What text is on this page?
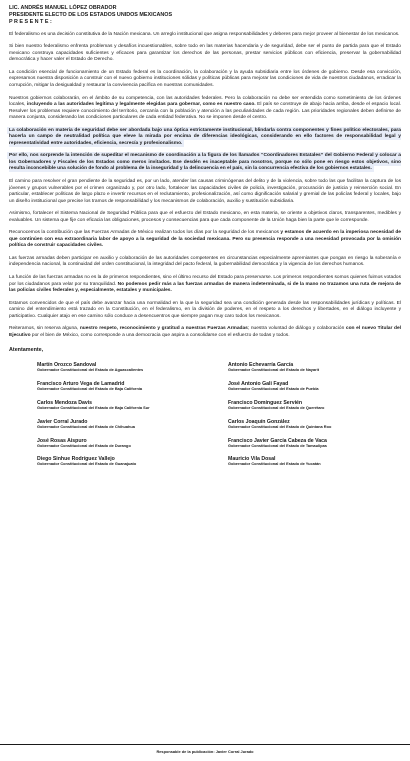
LIC. ANDRÉS MANUEL LÓPEZ OBRADOR
PRESIDENTE ELECTO DE LOS ESTADOS UNIDOS MEXICANOS
P R E S E N T E :
El federalismo es una decisión constitutiva de la Nación mexicana. Un arreglo institucional que asigna responsabilidades y deberes para mejor proveer al bienestar de los mexicanos.
Si bien nuestro federalismo enfrenta problemas y desafíos incuestionables, sobre todo en las materias hacendaria y de seguridad, debe ser el punto de partida para que el Estado mexicano construya capacidades suficientes y eficaces para garantizar los derechos de las personas, prestar servicios públicos con eficiencia, preservar la gobernabilidad democrática y hacer valer el Estado de Derecho.
La condición esencial de funcionamiento de un Estado federal es la coordinación, la colaboración y la ayuda subsidiaria entre los órdenes de gobierno. Desde esa convicción, expresamos nuestra disposición a construir con el nuevo gobierno instituciones sólidas y políticas públicas para mejorar las condiciones de vida de nuestros ciudadanos, erradicar la corrupción, mitigar la desigualdad y restaurar la convivencia pacífica en nuestras comunidades.
Nuestros gobiernos colaborarán, en el ámbito de su competencia, con las autoridades federales. Pero la colaboración no debe ser entendida como sometimiento de los órdenes locales, incluyendo a las autoridades legítima y legalmente elegidas para gobernar, como es nuestro caso. El país se construye de abajo hacia arriba, desde el espacio local. Resolver los problemas requiere conocimiento del territorio, cercanía con la población y atención a las peculiaridades de cada región. Las prioridades regionales deben definirse de manera conjunta, considerando las condiciones particulares de cada entidad federativa. No se imponen desde el centro.
La colaboración en materia de seguridad debe ser abordada bajo una óptica estrictamente institucional, blindarla contra componentes y fines político electorales, para hacerla un campo de neutralidad política que eleve la mirada por encima de diferencias ideológicas, considerando en ello factores de responsabilidad legal y representatividad entre autoridades, eficiencia, secrecía y profesionalismo.
Por ello, nos sorprende la intención de supeditar el mecanismo de coordinación a la figura de los llamados “Coordinadores Estatales” del Gobierno Federal y colocar a los Gobernadores y Fiscales de los Estados como meros invitados. Ese desdén es inaceptable para nosotros, porque no sólo pone en riesgo estos objetivos, sino resulta inconcebible una solución de fondo al problema de la inseguridad y la delincuencia en el país, sin la concurrencia efectiva de los gobiernos estatales.
El camino para resolver el gran pendiente de la seguridad es, por un lado, atender las causas criminógenas del delito y de la violencia, sobre todo las que facilitan la captura de los jóvenes y grupos vulnerables por el crimen organizado y, por otro lado, fortalecer las capacidades civiles de policía, investigación, procuración de justicia y reinserción social. En particular, establecer políticas de largo plazo e invertir recursos en el reclutamiento, profesionalización, así como dignificación salarial y gremial de las policías federal y locales, bajo un diseño institucional que precise los tramos de responsabilidad y los mecanismos de colaboración, auxilio y sustitución subsidiaria.
Asimismo, fortalecer el Sistema Nacional de Seguridad Pública para que el esfuerzo del Estado mexicano, en esta materia, se oriente a objetivos claros, transparentes, medibles y evaluables. Un sistema que fije con eficacia las obligaciones, procesos y consecuencias para que cada componente de la Unión haga bien la parte que le corresponde.
Reconocemos la contribución que las Fuerzas Armadas de México realizan todos los días por la seguridad de los mexicanos y estamos de acuerdo en la imperiosa necesidad de que continúen con esa extraordinaria labor de apoyo a la seguridad de la sociedad mexicana. Pero su presencia responde a una necesidad provocada por la omisión política de construir capacidades civiles.
Las fuerzas armadas deben participar en auxilio y colaboración de las autoridades competentes en circunstancias especialmente apremiantes que pongan en riesgo la soberanía e independencia nacional, la continuidad del orden constitucional, la integridad del pacto federal, la gobernabilidad democrática y la vigencia de los derechos humanos.
La función de las fuerzas armadas no es la de primeros respondientes, sino el último recurso del Estado para preservarse. Los primeros respondientes somos quienes fuimos votados por los ciudadanos para velar por su tranquilidad. No podemos pedir más a las fuerzas armadas de manera indeterminada, si de la mano no trazamos una ruta de mejora de las policías civiles federales y, especialmente, estatales y municipales.
Estamos convencidos de que el país debe avanzar hacia una normalidad en la que la seguridad sea una condición generada desde las responsabilidades jurídicas y políticas. El camino del entendimiento está trazado en la Constitución, en el federalismo, en la división de poderes, en el respeto a los derechos y libertades, en el diálogo incluyente y participativo. Cualquier atajo en ese camino sólo conduce a desencuentros que siempre pagan muy caro todos los mexicanos.
Reiteramos, sin reserva alguna, nuestro respeto, reconocimiento y gratitud a nuestras Fuerzas Armadas; nuestra voluntad de diálogo y colaboración con el nuevo Titular del Ejecutivo por el bien de México, como corresponde a una democracia que aspira a consolidarse con el esfuerzo de todas y todos.
Atentamente,
Martín Orozco Sandoval
Gobernador Constitucional del Estado de Aguascalientes
Antonio Echevarría García
Gobernador Constitucional del Estado de Nayarit
Francisco Arturo Vega de Lamadrid
Gobernador Constitucional del Estado de Baja California
José Antonio Gali Fayad
Gobernador Constitucional del Estado de Puebla
Carlos Mendoza Davis
Gobernador Constitucional del Estado de Baja California Sur
Francisco Domínguez Servién
Gobernador Constitucional del Estado de Querétaro
Javier Corral Jurado
Gobernador Constitucional del Estado de Chihuahua
Carlos Joaquín González
Gobernador Constitucional del Estado de Quintana Roo
José Rosas Aispuro
Gobernador Constitucional del Estado de Durango
Francisco Javier García Cabeza de Vaca
Gobernador Constitucional del Estado de Tamaulipas
Diego Sinhue Rodríguez Vallejo
Gobernador Constitucional del Estado de Guanajuato
Mauricio Vila Dosal
Gobernador Constitucional del Estado de Yucatán
Responsable de la publicación: Javier Corral Jurado
